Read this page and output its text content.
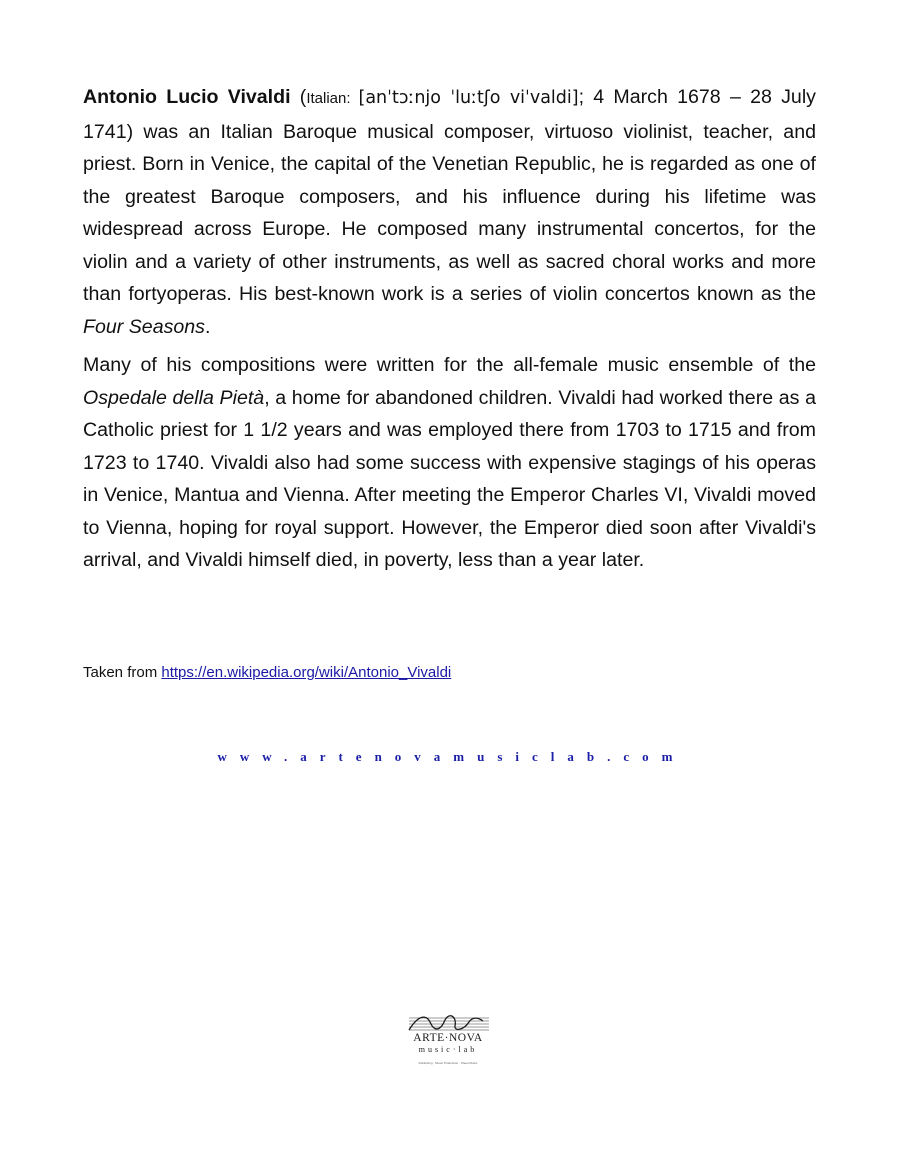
Antonio Lucio Vivaldi (Italian: [anˈtɔːnjo ˈluːtʃo viˈvaldi]; 4 March 1678 – 28 July 1741) was an Italian Baroque musical composer, virtuoso violinist, teacher, and priest. Born in Venice, the capital of the Venetian Republic, he is regarded as one of the greatest Baroque composers, and his influence during his lifetime was widespread across Europe. He composed many instrumental concertos, for the violin and a variety of other instruments, as well as sacred choral works and more than fortyoperas. His best-known work is a series of violin concertos known as the Four Seasons.

Many of his compositions were written for the all-female music ensemble of the Ospedale della Pietà, a home for abandoned children. Vivaldi had worked there as a Catholic priest for 1 1/2 years and was employed there from 1703 to 1715 and from 1723 to 1740. Vivaldi also had some success with expensive stagings of his operas in Venice, Mantua and Vienna. After meeting the Emperor Charles VI, Vivaldi moved to Vienna, hoping for royal support. However, the Emperor died soon after Vivaldi's arrival, and Vivaldi himself died, in poverty, less than a year later.

Taken from https://en.wikipedia.org/wiki/Antonio_Vivaldi
www.artenovamusiclab.com
ARTE·NOVA
music·lab
Publishing · Music Production · Sheet Music
